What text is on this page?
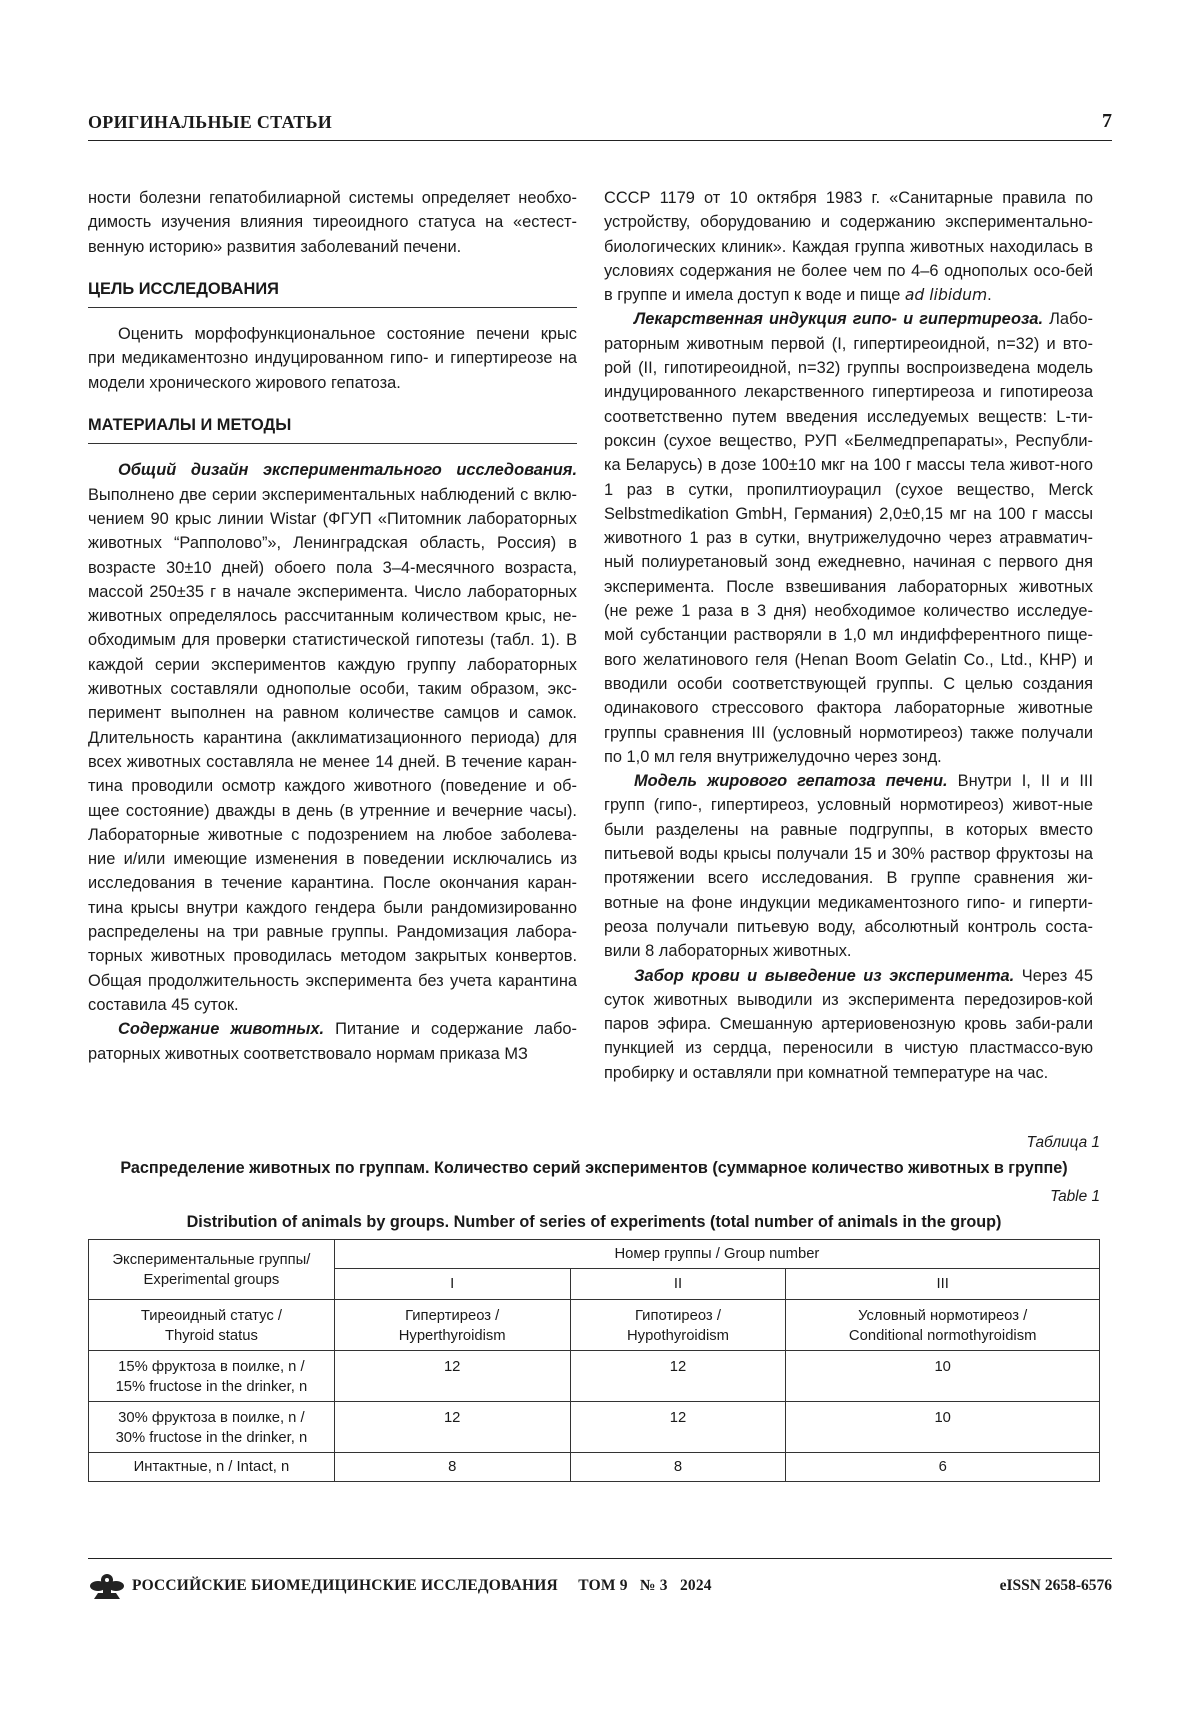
ОРИГИНАЛЬНЫЕ СТАТЬИ	7

ности болезни гепатобилиарной системы определяет необхо-димость изучения влияния тиреоидного статуса на «естест-венную историю» развития заболеваний печени.

ЦЕЛЬ ИССЛЕДОВАНИЯ

Оценить морфофункциональное состояние печени крыс при медикаментозно индуцированном гипо- и гипертиреозе на модели хронического жирового гепатоза.

МАТЕРИАЛЫ И МЕТОДЫ

Общий дизайн экспериментального исследования. Выполнено две серии экспериментальных наблюдений с вклю-чением 90 крыс линии Wistar (ФГУП «Питомник лабораторных животных “Рапполово”», Ленинградская область, Россия) в возрасте 30±10 дней) обоего пола 3–4-месячного возраста, массой 250±35 г в начале эксперимента. Число лабораторных животных определялось рассчитанным количеством крыс, не-обходимым для проверки статистической гипотезы (табл. 1). В каждой серии экспериментов каждую группу лабораторных животных составляли однополые особи, таким образом, экс-перимент выполнен на равном количестве самцов и самок. Длительность карантина (акклиматизационного периода) для всех животных составляла не менее 14 дней. В течение каран-тина проводили осмотр каждого животного (поведение и об-щее состояние) дважды в день (в утренние и вечерние часы). Лабораторные животные с подозрением на любое заболева-ние и/или имеющие изменения в поведении исключались из исследования в течение карантина. После окончания каран-тина крысы внутри каждого гендера были рандомизированно распределены на три равные группы. Рандомизация лабора-торных животных проводилась методом закрытых конвертов. Общая продолжительность эксперимента без учета карантина составила 45 суток.

Содержание животных. Питание и содержание лабо-раторных животных соответствовало нормам приказа МЗ

СССР 1179 от 10 октября 1983 г. «Санитарные правила по устройству, оборудованию и содержанию экспериментально-биологических клиник». Каждая группа животных находилась в условиях содержания не более чем по 4–6 однополых осо-бей в группе и имела доступ к воде и пище ad libidum.

Лекарственная индукция гипо- и гипертиреоза. Лабо-раторным животным первой (I, гипертиреоидной, n=32) и вто-рой (II, гипотиреоидной, n=32) группы воспроизведена модель индуцированного лекарственного гипертиреоза и гипотиреоза соответственно путем введения исследуемых веществ: L-ти-роксин (сухое вещество, РУП «Белмедпрепараты», Республи-ка Беларусь) в дозе 100±10 мкг на 100 г массы тела живот-ного 1 раз в сутки, пропилтиоурацил (сухое вещество, Merck Selbstmedikation GmbH, Германия) 2,0±0,15 мг на 100 г массы животного 1 раз в сутки, внутрижелудочно через атравматич-ный полиуретановый зонд ежедневно, начиная с первого дня эксперимента. После взвешивания лабораторных животных (не реже 1 раза в 3 дня) необходимое количество исследуе-мой субстанции растворяли в 1,0 мл индифферентного пище-вого желатинового геля (Henan Boom Gelatin Co., Ltd., КНР) и вводили особи соответствующей группы. С целью создания одинакового стрессового фактора лабораторные животные группы сравнения III (условный нормотиреоз) также получали по 1,0 мл геля внутрижелудочно через зонд.

Модель жирового гепатоза печени. Внутри I, II и III групп (гипо-, гипертиреоз, условный нормотиреоз) живот-ные были разделены на равные подгруппы, в которых вместо питьевой воды крысы получали 15 и 30% раствор фруктозы на протяжении всего исследования. В группе сравнения жи-вотные на фоне индукции медикаментозного гипо- и гиперти-реоза получали питьевую воду, абсолютный контроль соста-вили 8 лабораторных животных.

Забор крови и выведение из эксперимента. Через 45 суток животных выводили из эксперимента передозиров-кой паров эфира. Смешанную артериовенозную кровь заби-рали пункцией из сердца, переносили в чистую пластмассо-вую пробирку и оставляли при комнатной температуре на час.

Таблица 1
Распределение животных по группам. Количество серий экспериментов (суммарное количество животных в группе)
Table 1
Distribution of animals by groups. Number of series of experiments (total number of animals in the group)
Экспериментальные группы/
Experimental groups	Номер группы / Group number		
	I	II	III
Тиреоидный статус /
Thyroid status	Гипертиреоз /
Hyperthyroidism	Гипотиреоз /
Hypothyroidism	Условный нормотиреоз /
Conditional normothyroidism
15% фруктоза в поилке, n /
15% fructose in the drinker, n	12	12	10
30% фруктоза в поилке, n /
30% fructose in the drinker, n	12	12	10
Интактные, n / Intact, n	8	8	6
РОССИЙСКИЕ БИОМЕДИЦИНСКИЕ ИССЛЕДОВАНИЯ     ТОМ 9   № 3   2024	eISSN 2658-6576
